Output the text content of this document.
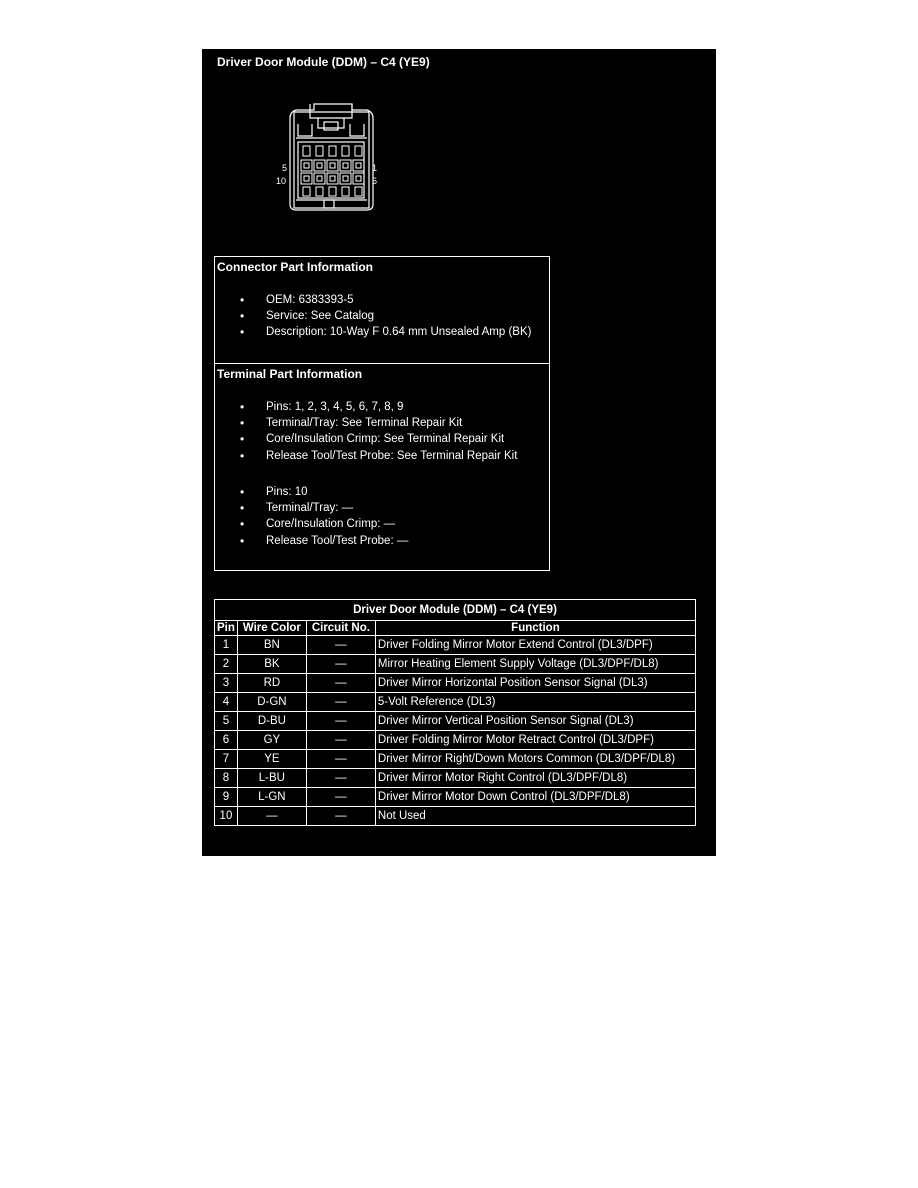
Driver Door Module (DDM) – C4 (YE9)
5
10
1
6
Connector Part Information
• OEM: 6383393-5
• Service: See Catalog
• Description: 10-Way F 0.64 mm Unsealed Amp (BK)
Terminal Part Information
• Pins: 1, 2, 3, 4, 5, 6, 7, 8, 9
• Terminal/Tray: See Terminal Repair Kit
• Core/Insulation Crimp: See Terminal Repair Kit
• Release Tool/Test Probe: See Terminal Repair Kit
• Pins: 10
• Terminal/Tray: —
• Core/Insulation Crimp: —
• Release Tool/Test Probe: —
Driver Door Module (DDM) – C4 (YE9)			
Pin	Wire Color	Circuit No.	Function
1	BN	—	Driver Folding Mirror Motor Extend Control (DL3/DPF)
2	BK	—	Mirror Heating Element Supply Voltage (DL3/DPF/DL8)
3	RD	—	Driver Mirror Horizontal Position Sensor Signal (DL3)
4	D-GN	—	5-Volt Reference (DL3)
5	D-BU	—	Driver Mirror Vertical Position Sensor Signal (DL3)
6	GY	—	Driver Folding Mirror Motor Retract Control (DL3/DPF)
7	YE	—	Driver Mirror Right/Down Motors Common (DL3/DPF/DL8)
8	L-BU	—	Driver Mirror Motor Right Control (DL3/DPF/DL8)
9	L-GN	—	Driver Mirror Motor Down Control (DL3/DPF/DL8)
10	—	—	Not Used
